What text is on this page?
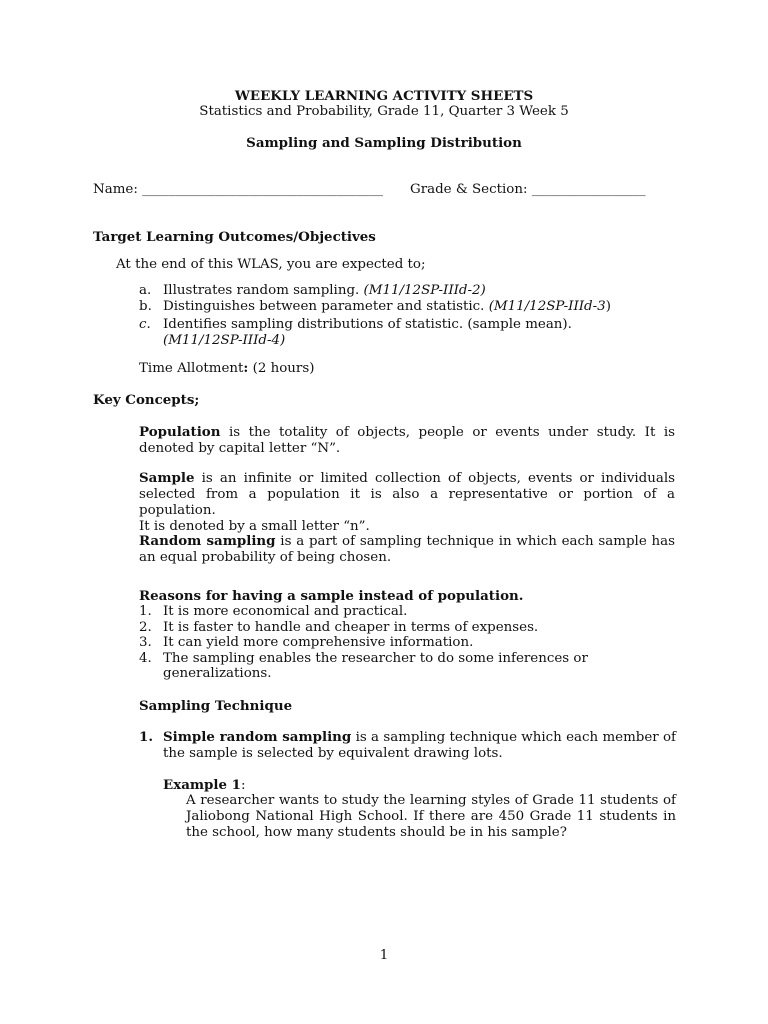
WEEKLY LEARNING ACTIVITY SHEETS
Statistics and Probability, Grade 11, Quarter 3 Week 5
Sampling and Sampling Distribution
Name: ____________________________________ Grade & Section: _________________
Target Learning Outcomes/Objectives
At the end of this WLAS, you are expected to;
a. Illustrates random sampling. (M11/12SP-IIId-2)
b. Distinguishes between parameter and statistic. (M11/12SP-IIId-3)
c. Identifies sampling distributions of statistic. (sample mean).
(M11/12SP-IIId-4)
Time Allotment: (2 hours)
Key Concepts;
Population is the totality of objects, people or events under study. It is
denoted by capital letter “N”.
Sample is an infinite or limited collection of objects, events or individuals
selected from a population it is also a representative or portion of a population.
It is denoted by a small letter “n”.
Random sampling is a part of sampling technique in which each sample has
an equal probability of being chosen.
Reasons for having a sample instead of population.
1. It is more economical and practical.
2. It is faster to handle and cheaper in terms of expenses.
3. It can yield more comprehensive information.
4. The sampling enables the researcher to do some inferences or
generalizations.
Sampling Technique
1. Simple random sampling is a sampling technique which each member of
the sample is selected by equivalent drawing lots.
Example 1:
A researcher wants to study the learning styles of Grade 11 students of
Jaliobong National High School. If there are 450 Grade 11 students in
the school, how many students should be in his sample?
1
